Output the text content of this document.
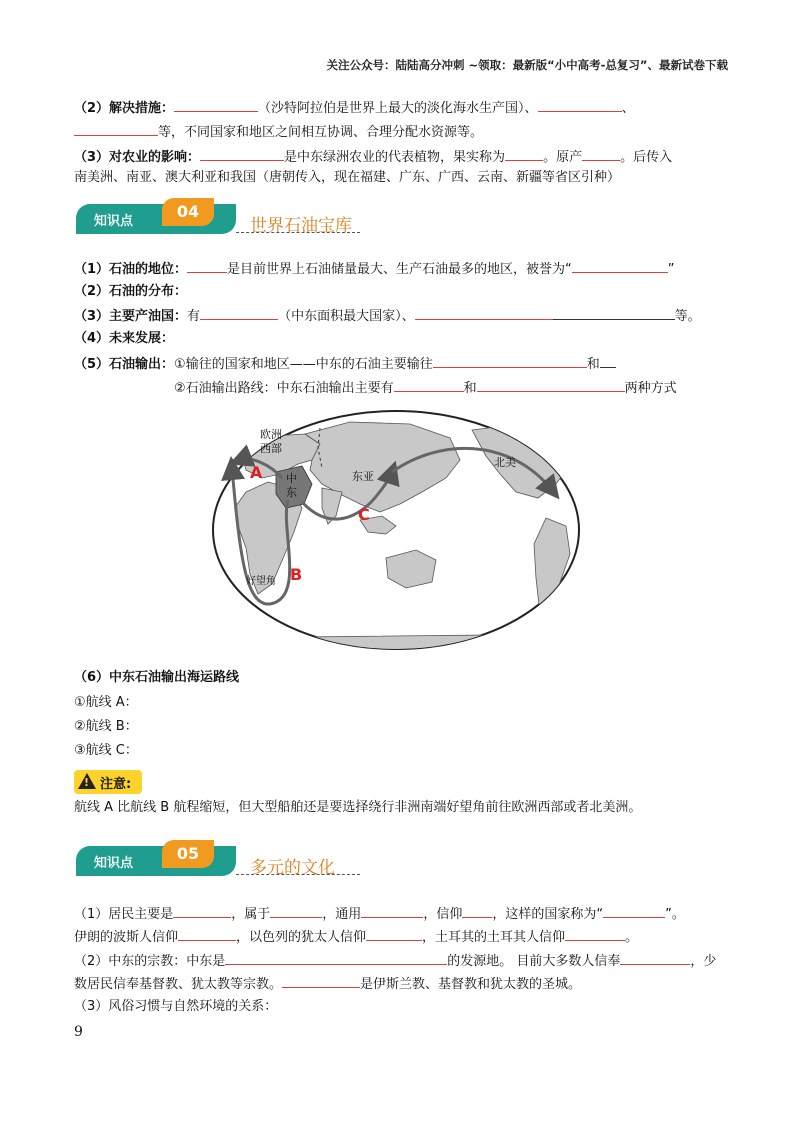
关注公众号：陆陆高分冲刺 ~领取：最新版“小中高考-总复习”、最新试卷下载
（2）解决措施：	（沙特阿拉伯是世界上最大的淡化海水生产国）、	、
等，不同国家和地区之间相互协调、合理分配水资源等。
（3）对农业的影响：	是中东绿洲农业的代表植物，果实称为	。原产	。后传入
南美洲、南亚、澳大利亚和我国（唐朝传入，现在福建、广东、广西、云南、新疆等省区引种）
知识点
04
世界石油宝库
（1）石油的地位：	是目前世界上石油储量最大、生产石油最多的地区，被誉为“	”
（2）石油的分布：
（3）主要产油国：有	（中东面积最大国家）、	等。
（4）未来发展：
（5）石油输出：①输往的国家和地区——中东的石油主要输往	和
②石油输出路线：中东石油输出主要有	和	两种方式
欧洲
西部
中
东
东亚
北美
好望角
A
B
C
（6）中东石油输出海运路线
①航线 A：
②航线 B：
③航线 C：
! 注意:
航线 A 比航线 B 航程缩短，但大型船舶还是要选择绕行非洲南端好望角前往欧洲西部或者北美洲。
知识点
05
多元的文化
（1）居民主要是	，属于	，通用	，信仰 ，这样的国家称为“	”。
伊朗的波斯人信仰	，以色列的犹太人信仰	，土耳其的土耳其人信仰	。
（2）中东的宗教：中东是	的发源地。 目前大多数人信奉	，少
数居民信奉基督教、犹太教等宗教。	是伊斯兰教、基督教和犹太教的圣城。
（3）风俗习惯与自然环境的关系：
9
